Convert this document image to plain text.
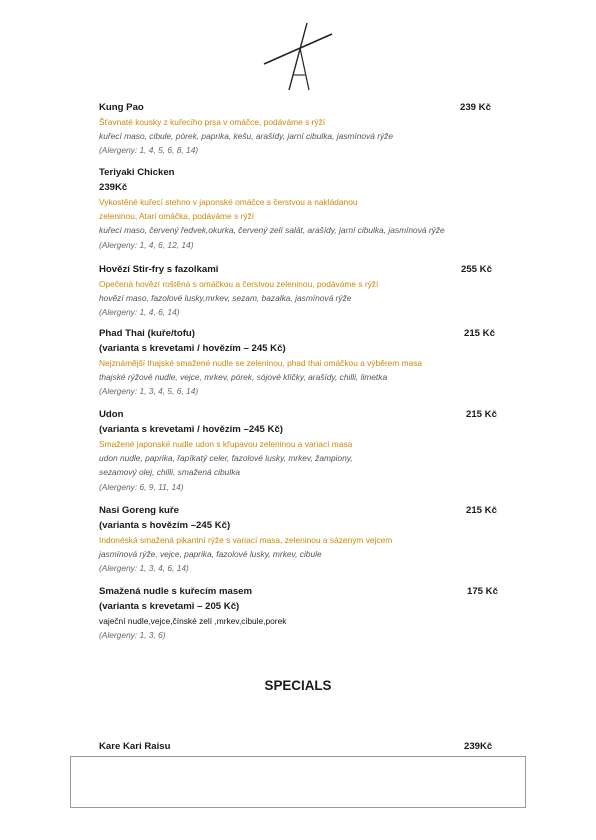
Kung Pao	239 Kč
Šťavnaté kousky z kuřecího prsa v omáčce, podáváme s rýží
kuřecí maso, cibule, pórek, paprika, kešu, arašídy, jarní cibulka, jasmínová rýže
(Alergeny: 1, 4, 5, 6, 8, 14)
Teriyaki Chicken
239Kč
Vykostěné kuřecí stehno v japonské omáčce s čerstvou a nakládanou
zeleninou, Atari omáčka, podáváme s rýží
kuřecí maso, červený ředvek,okurka, červený zelí salát, arašídy, jarní cibulka, jasmínová rýže
(Alergeny: 1, 4, 6, 12, 14)
Hovězí Stir-fry s fazolkami	255 Kč
Opečená hovězí roštěná s omáčkou a čerstvou zeleninou, podáváme s rýží
hovězí maso, fazolové lusky,mrkev, sezam, bazalka, jasmínová rýže
(Alergeny: 1, 4, 6, 14)
Phad Thai (kuře/tofu)	215 Kč
(varianta s krevetami / hovězím – 245 Kč)
Nejznámější thajské smažené nudle se zeleninou, phad thai omáčkou a výběrem masa
thajské rýžové nudle, vejce, mrkev, pórek, sójové klíčky, arašídy, chilli, limetka
(Alergeny: 1, 3, 4, 5, 6, 14)
Udon	215 Kč
(varianta s krevetami / hovězím –245 Kč)
Smažené japonské nudle udon s křupavou zeleninou a variací masa
udon nudle, paprika, řapíkatý celer, fazolové lusky, mrkev, žampiony,
sezamový olej, chilli, smažená cibulka
(Alergeny: 6, 9, 11, 14)
Nasi Goreng kuře	215 Kč
(varianta s hovězím –245 Kč)
Indonéská smažená pikantní rýže s variací masa, zeleninou a sázeným vejcem
jasmínová rýže, vejce, paprika, fazolové lusky, mrkev, cibule
(Alergeny: 1, 3, 4, 6, 14)
Smažená nudle s kuřecím masem	175 Kč
(varianta s krevetami – 205 Kč)
vaječní nudle,vejce,čínské zelí ,mrkev,cibule,porek
(Alergeny: 1, 3, 6)
SPECIALS
Kare Kari Raisu	239Kč
